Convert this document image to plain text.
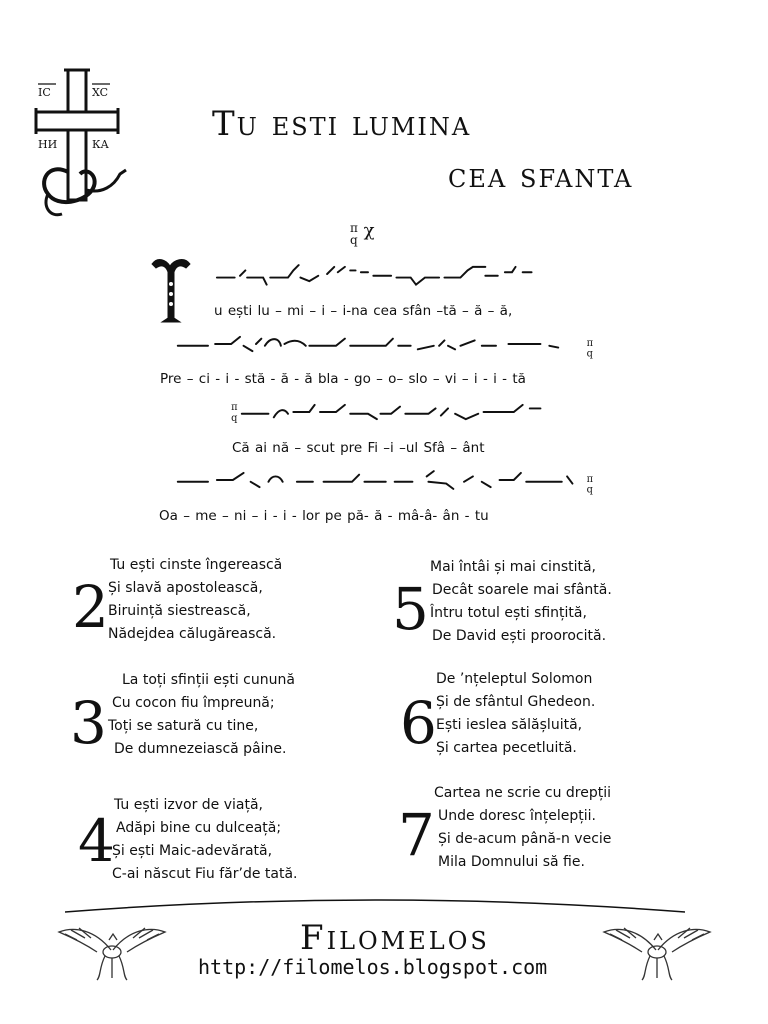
IC	XC
НИ	КА
Tu esti lumina
cea sfanta
π
q χ
u ești lu – mi – i – i-na cea sfân –tă – ă – ă,
π
q
Pre – ci - i - stă - ă - ă bla - go – o– slo – vi – i - i - tă
π
q
Că ai nă – scut pre Fi –i –ul Sfâ – ânt
π
q
Oa – me – ni – i - i - lor pe pă- ă - mâ-â- ân - tu
2
Tu ești cinste îngerească
Și slavă apostolească,
Biruință siestrească,
Nădejdea călugărească. 5
Mai întâi și mai cinstită,
Decât soarele mai sfântă.
Întru totul ești sfințită,
De David ești proorocită.
3
La toți sfinții ești cunună
Cu cocon fiu împreună;
Toți se satură cu tine,
De dumnezeiască pâine. 6
De ’nțeleptul Solomon
Și de sfântul Ghedeon.
Ești ieslea sălășluită,
Și cartea pecetluită.
4
Tu ești izvor de viață,
Adăpi bine cu dulceață;
Și ești Maic-adevărată,
C-ai născut Fiu făr’de tată.
7
Cartea ne scrie cu drepții
Unde doresc înțelepții.
Și de-acum până-n vecie
Mila Domnului să fie.
Filomelos
http://filomelos.blogspot.com
